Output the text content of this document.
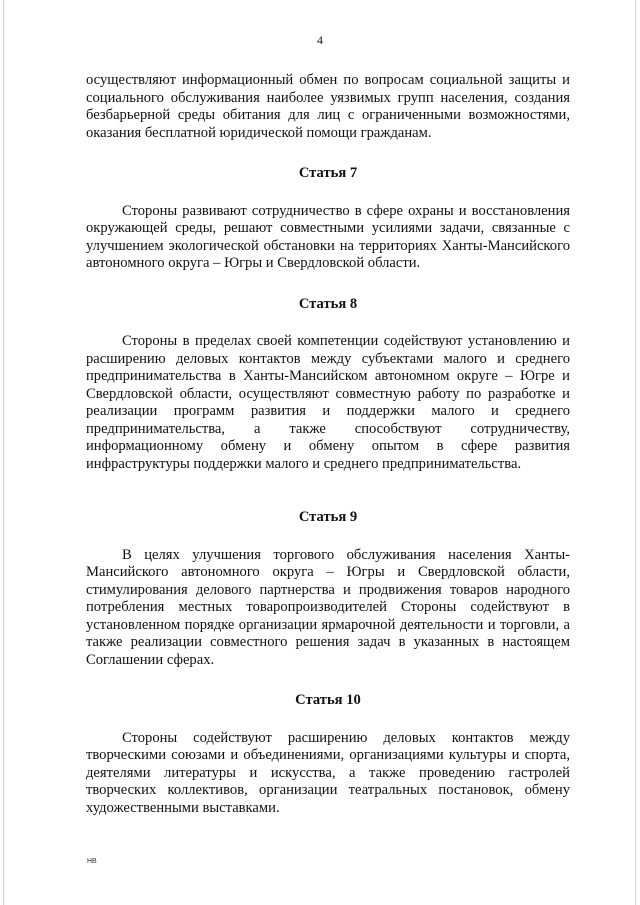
4

осуществляют информационный обмен по вопросам социальной защиты и социального обслуживания наиболее уязвимых групп населения, создания безбарьерной среды обитания для лиц с ограниченными возможностями, оказания бесплатной юридической помощи гражданам.

Статья 7

Стороны развивают сотрудничество в сфере охраны и восстановления окружающей среды, решают совместными усилиями задачи, связанные с улучшением экологической обстановки на территориях Ханты-Мансийского автономного округа – Югры и Свердловской области.

Статья 8

Стороны в пределах своей компетенции содействуют установлению и расширению деловых контактов между субъектами малого и среднего предпринимательства в Ханты-Мансийском автономном округе – Югре и Свердловской области, осуществляют совместную работу по разработке и реализации программ развития и поддержки малого и среднего предпринимательства, а также способствуют сотрудничеству, информационному обмену и обмену опытом в сфере развития инфраструктуры поддержки малого и среднего предпринимательства.

Статья 9

В целях улучшения торгового обслуживания населения Ханты-Мансийского автономного округа – Югры и Свердловской области, стимулирования делового партнерства и продвижения товаров народного потребления местных товаропроизводителей Стороны содействуют в установленном порядке организации ярмарочной деятельности и торговли, а также реализации совместного решения задач в указанных в настоящем Соглашении сферах.

Статья 10

Стороны содействуют расширению деловых контактов между творческими союзами и объединениями, организациями культуры и спорта, деятелями литературы и искусства, а также проведению гастролей творческих коллективов, организации театральных постановок, обмену художественными выставками.

НВ
